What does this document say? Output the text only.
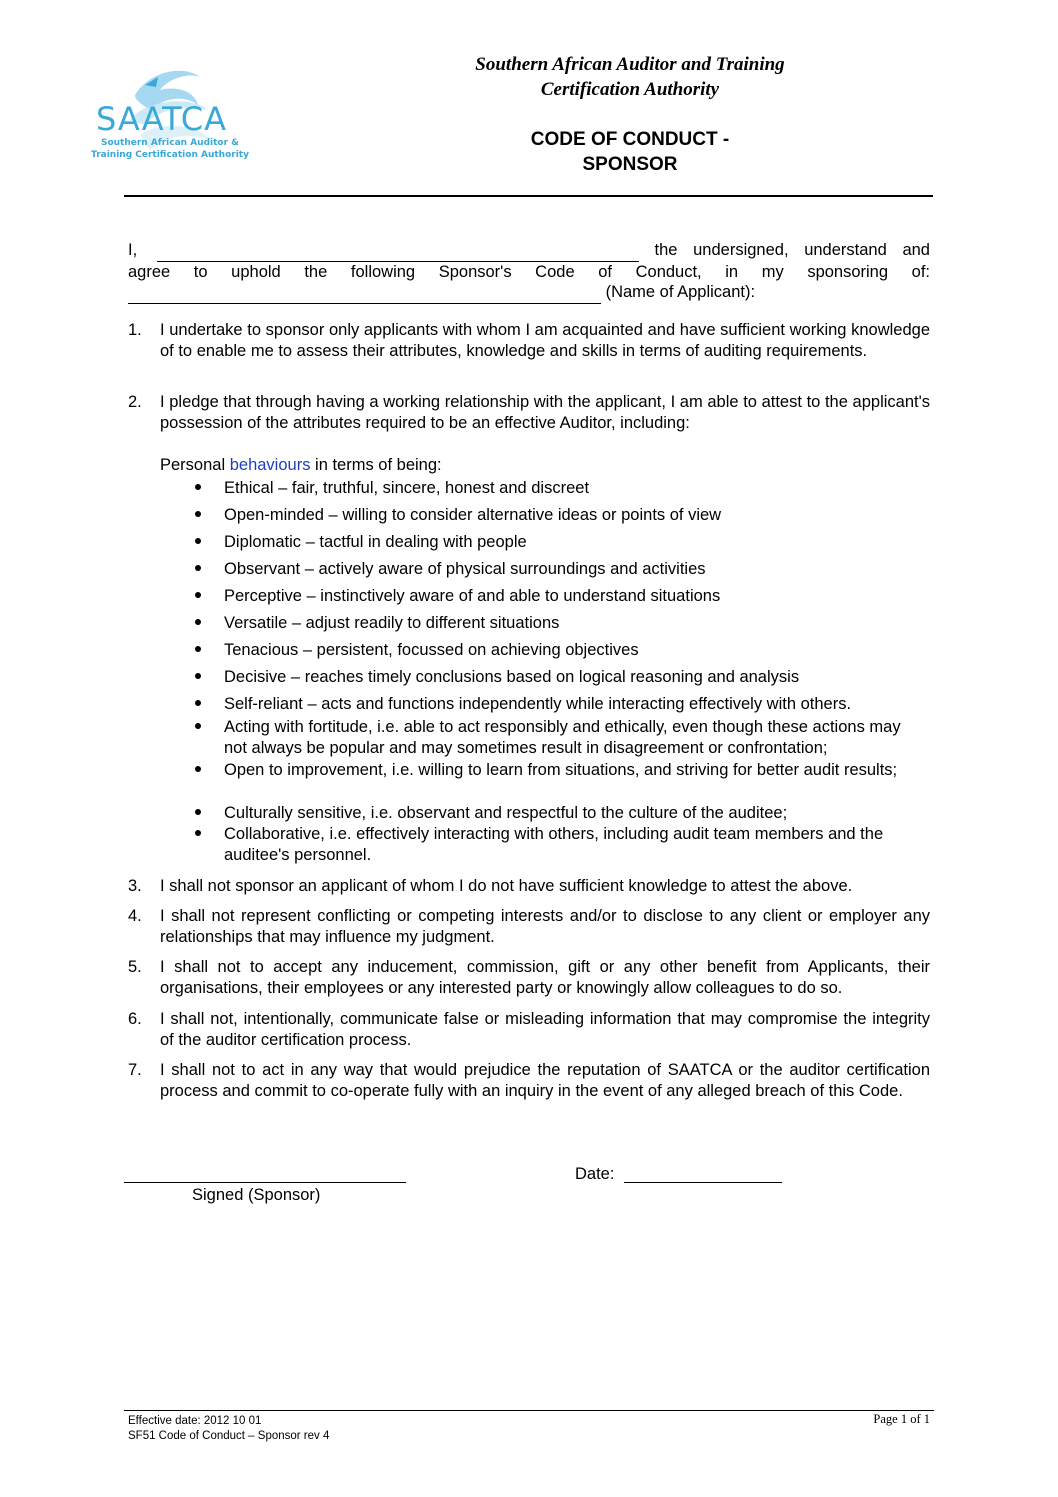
SAATCA
Southern African Auditor &
Training Certification Authority
Southern African Auditor and Training
Certification Authority
CODE OF CONDUCT -
SPONSOR
I,	the undersigned, understand and
agree to uphold the following Sponsor's Code of Conduct, in my sponsoring of:
(Name of Applicant):
1.	I undertake to sponsor only applicants with whom I am acquainted and have sufficient working knowledge of to enable me to assess their attributes, knowledge and skills in terms of auditing requirements.
2.	I pledge that through having a working relationship with the applicant, I am able to attest to the applicant's possession of the attributes required to be an effective Auditor, including:
Personal behaviours in terms of being:
Ethical – fair, truthful, sincere, honest and discreet
Open-minded – willing to consider alternative ideas or points of view
Diplomatic – tactful in dealing with people
Observant – actively aware of physical surroundings and activities
Perceptive – instinctively aware of and able to understand situations
Versatile – adjust readily to different situations
Tenacious – persistent, focussed on achieving objectives
Decisive – reaches timely conclusions based on logical reasoning and analysis
Self-reliant – acts and functions independently while interacting effectively with others.
Acting with fortitude, i.e. able to act responsibly and ethically, even though these actions may not always be popular and may sometimes result in disagreement or confrontation;
Open to improvement, i.e. willing to learn from situations, and striving for better audit results;
Culturally sensitive, i.e. observant and respectful to the culture of the auditee;
Collaborative, i.e. effectively interacting with others, including audit team members and the auditee's personnel.
3.	I shall not sponsor an applicant of whom I do not have sufficient knowledge to attest the above.
4.	I shall not represent conflicting or competing interests and/or to disclose to any client or employer any relationships that may influence my judgment.
5.	I shall not to accept any inducement, commission, gift or any other benefit from Applicants, their organisations, their employees or any interested party or knowingly allow colleagues to do so.
6.	I shall not, intentionally, communicate false or misleading information that may compromise the integrity of the auditor certification process.
7.	I shall not to act in any way that would prejudice the reputation of SAATCA or the auditor certification process and commit to co-operate fully with an inquiry in the event of any alleged breach of this Code.
Signed (Sponsor)
Date:
Effective date: 2012 10 01
SF51 Code of Conduct – Sponsor rev 4
Page 1 of 1
